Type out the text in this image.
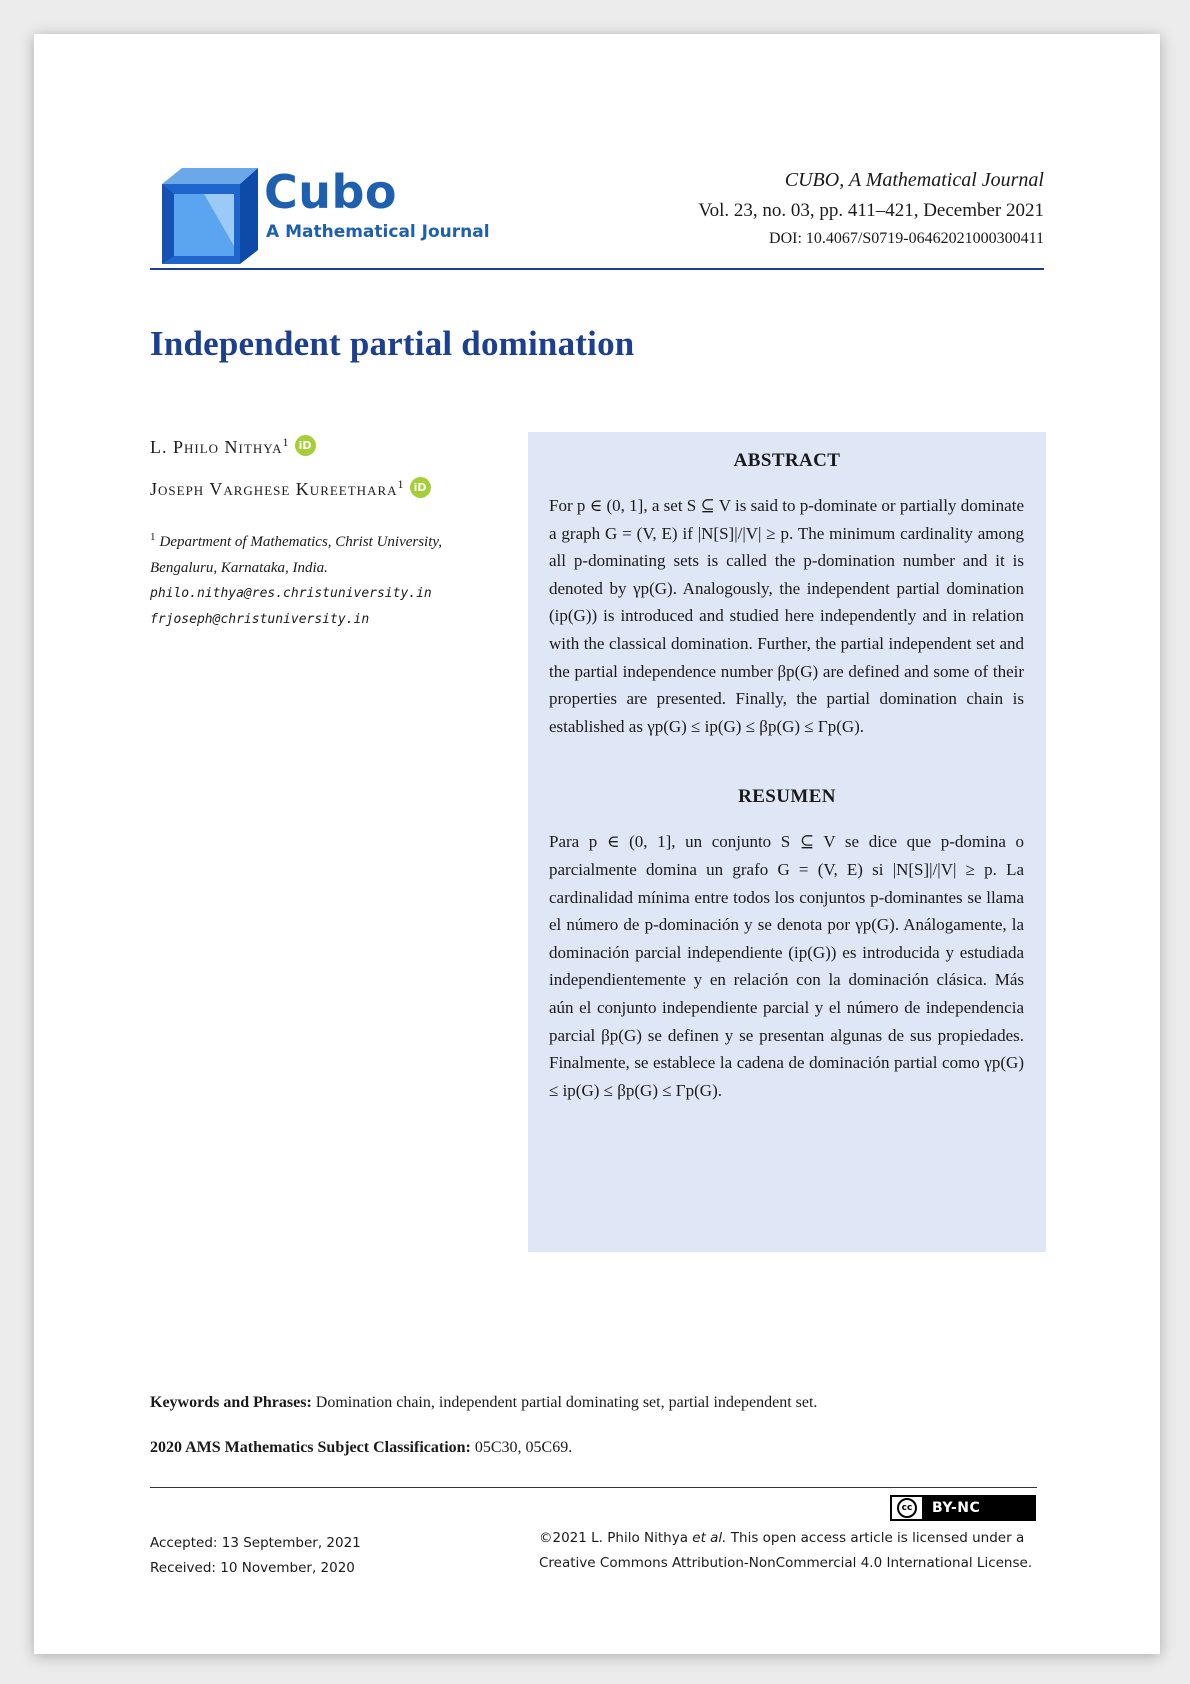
Cubo
A Mathematical Journal
CUBO, A Mathematical Journal
Vol. 23, no. 03, pp. 411–421, December 2021
DOI: 10.4067/S0719-06462021000300411
Independent partial domination
L. Philo Nithya$^1$ iD
Joseph Varghese Kureethara$^1$ iD
$^1$ Department of Mathematics, Christ University, Bengaluru, Karnataka, India.
philo.nithya@res.christuniversity.in
frjoseph@christuniversity.in
ABSTRACT
For p ∈ (0, 1], a set S ⊆ V is said to p-dominate or partially dominate a graph G = (V, E) if |N[S]|/|V| ≥ p. The minimum cardinality among all p-dominating sets is called the p-domination number and it is denoted by γp(G). Analogously, the independent partial domination (ip(G)) is introduced and studied here independently and in relation with the classical domination. Further, the partial independent set and the partial independence number βp(G) are defined and some of their properties are presented. Finally, the partial domination chain is established as γp(G) ≤ ip(G) ≤ βp(G) ≤ Γp(G).
RESUMEN
Para p ∈ (0, 1], un conjunto S ⊆ V se dice que p-domina o parcialmente domina un grafo G = (V, E) si |N[S]|/|V| ≥ p. La cardinalidad mínima entre todos los conjuntos p-dominantes se llama el número de p-dominación y se denota por γp(G). Análogamente, la dominación parcial independiente (ip(G)) es introducida y estudiada independientemente y en relación con la dominación clásica. Más aún el conjunto independiente parcial y el número de independencia parcial βp(G) se definen y se presentan algunas de sus propiedades. Finalmente, se establece la cadena de dominación partial como γp(G) ≤ ip(G) ≤ βp(G) ≤ Γp(G).
Keywords and Phrases: Domination chain, independent partial dominating set, partial independent set.
2020 AMS Mathematics Subject Classification: 05C30, 05C69.
cc	BY-NC
Accepted: 13 September, 2021
Received: 10 November, 2020
©2021 L. Philo Nithya et al. This open access article is licensed under a
Creative Commons Attribution-NonCommercial 4.0 International License.
